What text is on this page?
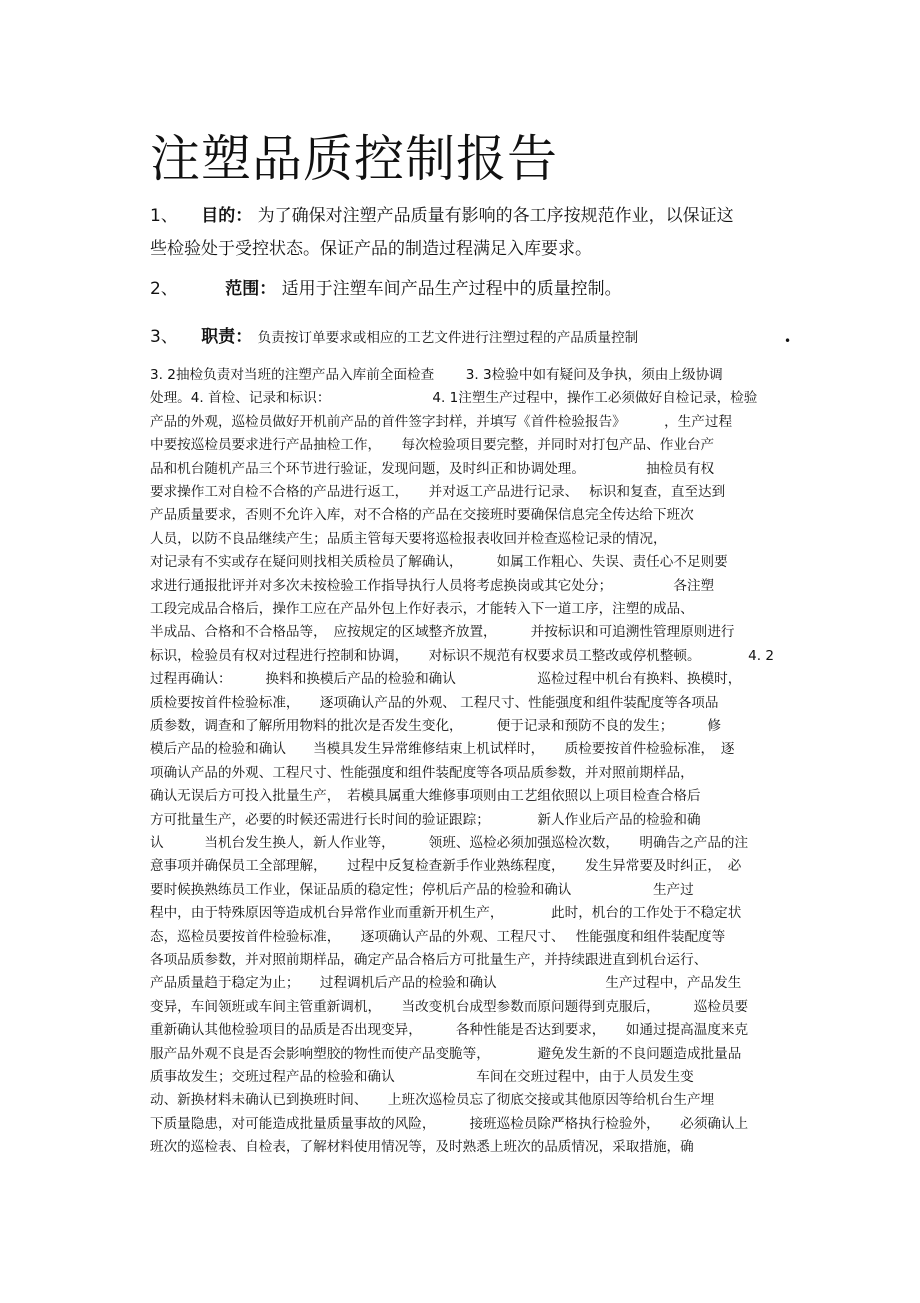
注塑品质控制报告
1、 目的： 为了确保对注塑产品质量有影响的各工序按规范作业，以保证这
些检验处于受控状态。保证产品的制造过程满足入库要求。
2、	范围： 适用于注塑车间产品生产过程中的质量控制。
3、 职责： 负责按订单要求或相应的工艺文件进行注塑过程的产品质量控制	•
3. 2抽检负责对当班的注塑产品入库前全面检查　　 3. 3检验中如有疑问及争执，须由上级协调
处理。4. 首检、记录和标识：　　　　　　　　4. 1注塑生产过程中，操作工必须做好自检记录，检验
产品的外观，巡检员做好开机前产品的首件签字封样，并填写《首件检验报告》　　　 ，生产过程
中要按巡检员要求进行产品抽检工作，　　每次检验项目要完整，并同时对打包产品、作业台产
品和机台随机产品三个环节进行验证，发现问题，及时纠正和协调处理。　　　　　抽检员有权
要求操作工对自检不合格的产品进行返工，　　并对返工产品进行记录、　 标识和复查，直至达到
产品质量要求，否则不允许入库，对不合格的产品在交接班时要确保信息完全传达给下班次
人员，以防不良品继续产生；品质主管每天要将巡检报表收回并检查巡检记录的情况，
对记录有不实或存在疑问则找相关质检员了解确认，　　　如属工作粗心、失误、责任心不足则要
求进行通报批评并对多次未按检验工作指导执行人员将考虑换岗或其它处分；　　　　　各注塑
工段完成品合格后，操作工应在产品外包上作好表示，才能转入下一道工序，注塑的成品、
半成品、合格和不合格品等，　应按规定的区域整齐放置，　　　并按标识和可追溯性管理原则进行
标识，检验员有权对过程进行控制和协调，　　对标识不规范有权要求员工整改或停机整顿。　　　　4. 2
过程再确认：　　　换料和换模后产品的检验和确认　　　　　　巡检过程中机台有换料、换模时，
质检要按首件检验标准，　　逐项确认产品的外观、 工程尺寸、性能强度和组件装配度等各项品
质参数，调查和了解所用物料的批次是否发生变化，　　　便于记录和预防不良的发生；　　　修
模后产品的检验和确认　　当模具发生异常维修结束上机试样时，　　质检要按首件检验标准，　逐
项确认产品的外观、工程尺寸、性能强度和组件装配度等各项品质参数，并对照前期样品，
确认无误后方可投入批量生产，　若模具属重大维修事项则由工艺组依照以上项目检查合格后
方可批量生产，必要的时候还需进行长时间的验证跟踪；　　　　新人作业后产品的检验和确
认　　　当机台发生换人，新人作业等，　　　领班、巡检必须加强巡检次数，　　明确告之产品的注
意事项并确保员工全部理解，　　过程中反复检查新手作业熟练程度，　　发生异常要及时纠正，　必
要时候换熟练员工作业，保证品质的稳定性；停机后产品的检验和确认　　　　　　生产过
程中，由于特殊原因等造成机台异常作业而重新开机生产，　　　　此时，机台的工作处于不稳定状
态，巡检员要按首件检验标准，　　逐项确认产品的外观、工程尺寸、　 性能强度和组件装配度等
各项品质参数，并对照前期样品，确定产品合格后方可批量生产，并持续跟进直到机台运行、
产品质量趋于稳定为止；　　过程调机后产品的检验和确认　　　　　　　　生产过程中，产品发生
变异，车间领班或车间主管重新调机，　　当改变机台成型参数而原问题得到克服后，　　　巡检员要
重新确认其他检验项目的品质是否出现变异，　　　各种性能是否达到要求，　　如通过提高温度来克
服产品外观不良是否会影响塑胶的物性而使产品变脆等，　　　　避免发生新的不良问题造成批量品
质事故发生；交班过程产品的检验和确认　　　　　　车间在交班过程中，由于人员发生变
动、新换材料未确认已到换班时间、　　上班次巡检员忘了彻底交接或其他原因等给机台生产埋
下质量隐患，对可能造成批量质量事故的风险，　　　接班巡检员除严格执行检验外，　　必须确认上
班次的巡检表、自检表，了解材料使用情况等，及时熟悉上班次的品质情况，采取措施，确
